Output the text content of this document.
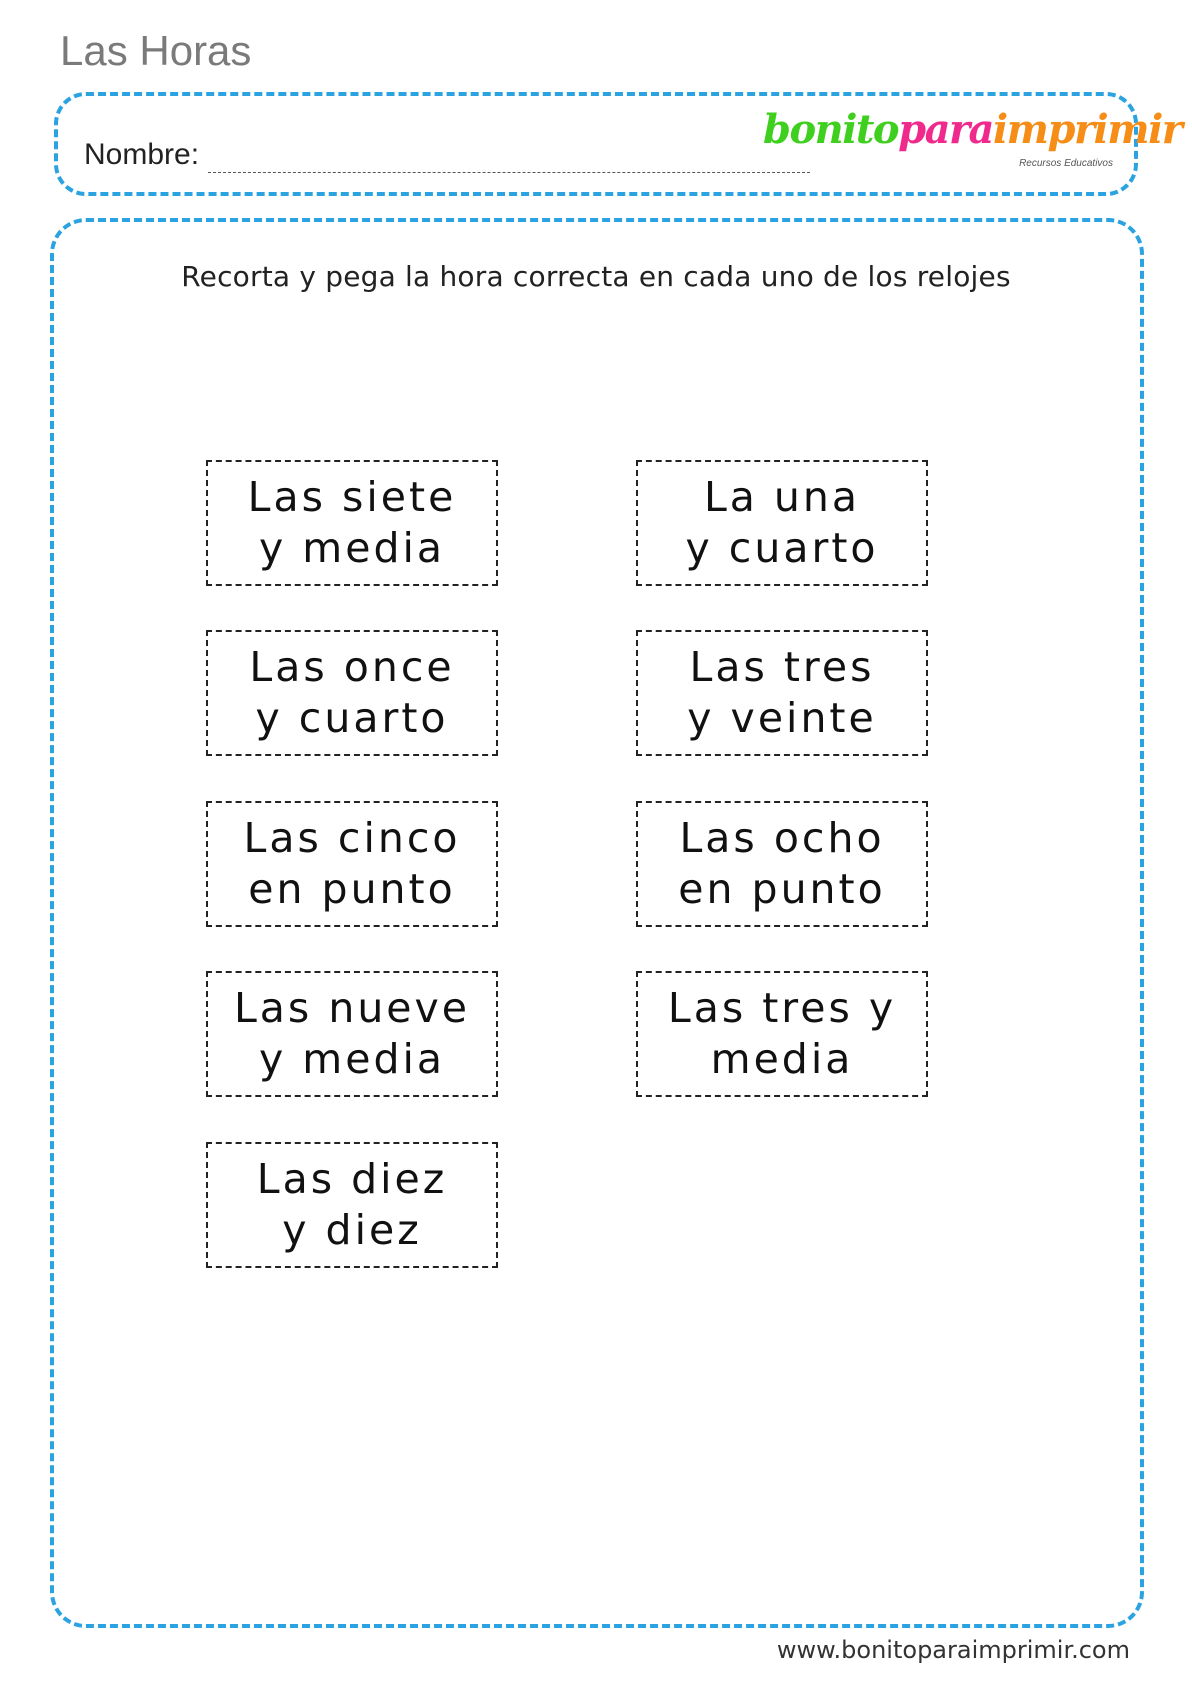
Las Horas
Nombre:
bonitoparaimprimir
Recursos Educativos
Recorta y pega la hora correcta en cada uno de los relojes
Las siete
y media
La una
y cuarto
Las once
y cuarto
Las tres
y veinte
Las cinco
en punto
Las ocho
en punto
Las nueve
y media
Las tres y
media
Las diez
y diez
www.bonitoparaimprimir.com
